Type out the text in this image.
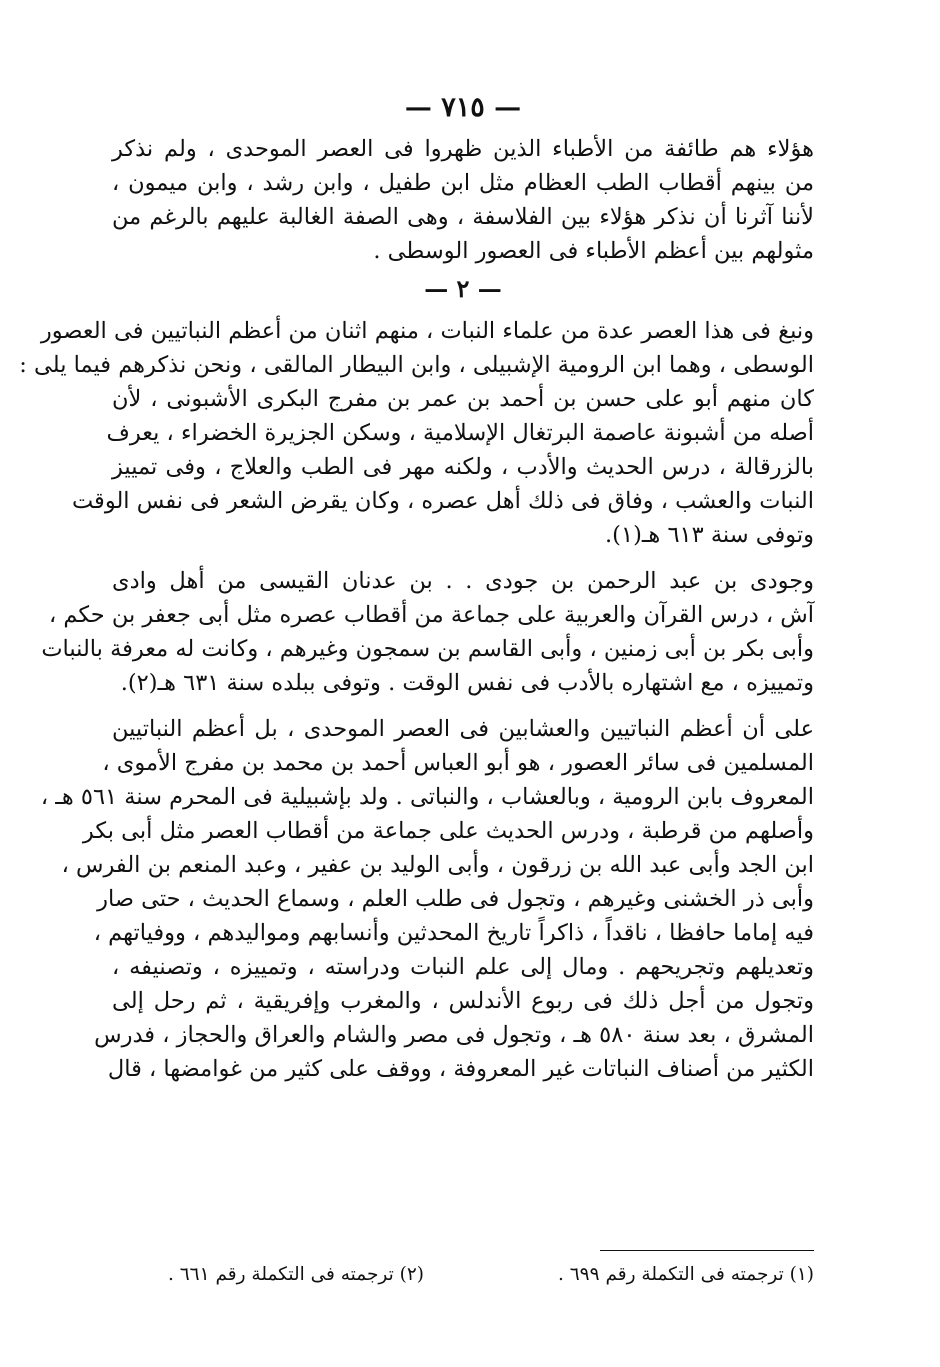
— ٧١٥ —
هؤلاء هم طائفة من الأطباء الذين ظهروا فى العصر الموحدى ، ولم نذكر
من بينهم أقطاب الطب العظام مثل ابن طفيل ، وابن رشد ، وابن ميمون ،
لأننا آثرنا أن نذكر هؤلاء بين الفلاسفة ، وهى الصفة الغالبة عليهم بالرغم من
مثولهم بين أعظم الأطباء فى العصور الوسطى .
— ٢ —
ونبغ فى هذا العصر عدة من علماء النبات ، منهم اثنان من أعظم النباتيين فى العصور
الوسطى ، وهما ابن الرومية الإشبيلى ، وابن البيطار المالقى ، ونحن نذكرهم فيما يلى :
كان منهم أبو على حسن بن أحمد بن عمر بن مفرج البكرى الأشبونى ، لأن
أصله من أشبونة عاصمة البرتغال الإسلامية ، وسكن الجزيرة الخضراء ، يعرف
بالزرقالة ، درس الحديث والأدب ، ولكنه مهر فى الطب والعلاج ، وفى تمييز
النبات والعشب ، وفاق فى ذلك أهل عصره ، وكان يقرض الشعر فى نفس الوقت
وتوفى سنة ٦١٣ هـ(١).
وجودى بن عبد الرحمن بن جودى . . بن عدنان القيسى من أهل وادى
آش ، درس القرآن والعربية على جماعة من أقطاب عصره مثل أبى جعفر بن حكم ،
وأبى بكر بن أبى زمنين ، وأبى القاسم بن سمجون وغيرهم ، وكانت له معرفة بالنبات
وتمييزه ، مع اشتهاره بالأدب فى نفس الوقت . وتوفى ببلده سنة ٦٣١ هـ(٢).
على أن أعظم النباتيين والعشابين فى العصر الموحدى ، بل أعظم النباتيين
المسلمين فى سائر العصور ، هو أبو العباس أحمد بن محمد بن مفرج الأموى ،
المعروف بابن الرومية ، وبالعشاب ، والنباتى . ولد بإشبيلية فى المحرم سنة ٥٦١ هـ ،
وأصلهم من قرطبة ، ودرس الحديث على جماعة من أقطاب العصر مثل أبى بكر
ابن الجد وأبى عبد الله بن زرقون ، وأبى الوليد بن عفير ، وعبد المنعم بن الفرس ،
وأبى ذر الخشنى وغيرهم ، وتجول فى طلب العلم ، وسماع الحديث ، حتى صار
فيه إماما حافظا ، ناقداً ، ذاكراً تاريخ المحدثين وأنسابهم ومواليدهم ، ووفياتهم ،
وتعديلهم وتجريحهم . ومال إلى علم النبات ودراسته ، وتمييزه ، وتصنيفه ،
وتجول من أجل ذلك فى ربوع الأندلس ، والمغرب وإفريقية ، ثم رحل إلى
المشرق ، بعد سنة ٥٨٠ هـ ، وتجول فى مصر والشام والعراق والحجاز ، فدرس
الكثير من أصناف النباتات غير المعروفة ، ووقف على كثير من غوامضها ، قال
(١) ترجمته فى التكملة رقم ٦٩٩ .
(٢) ترجمته فى التكملة رقم ٦٦١ .
